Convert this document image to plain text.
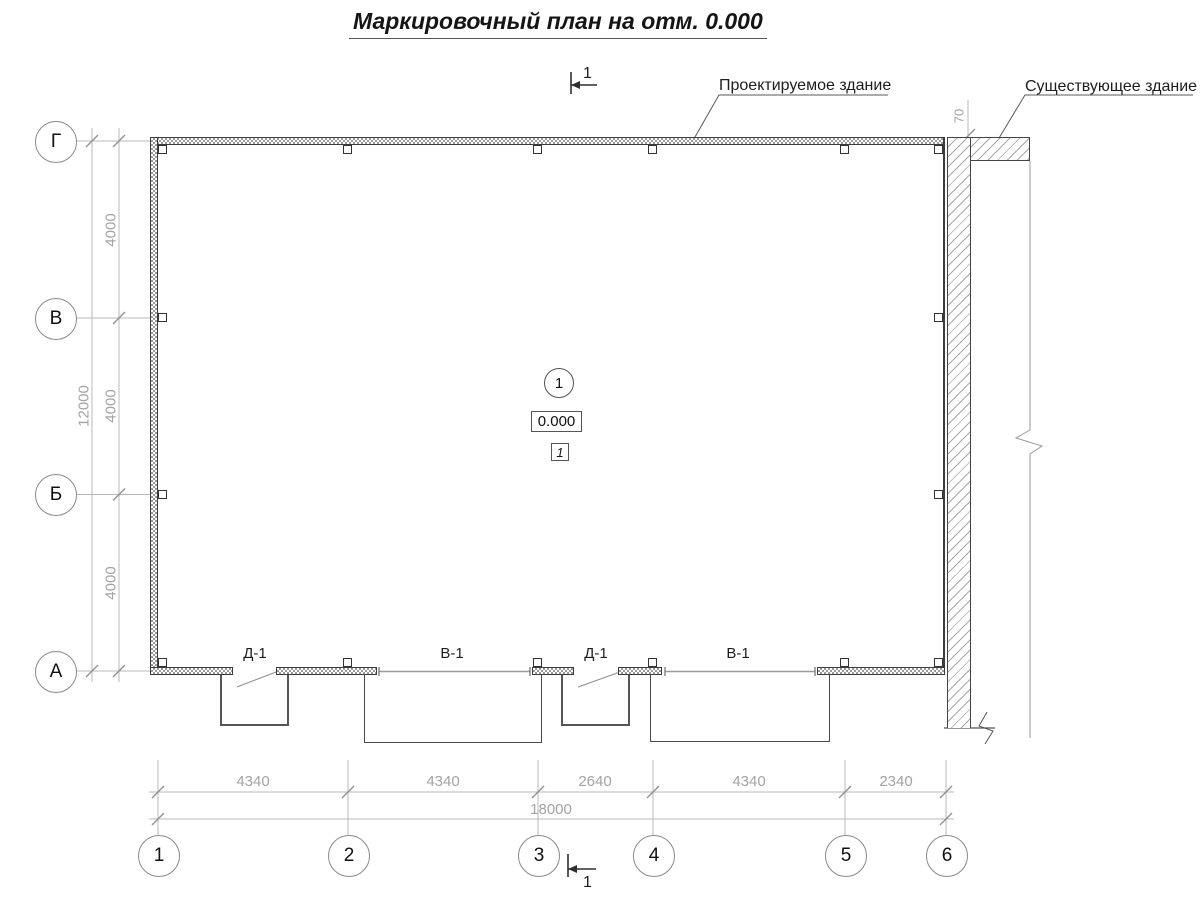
Маркировочный план на отм. 0.000
Г
В
Б
А
1	2	3	4	5	6
1
0.000
1
4340	4340	2640	4340	2340
18000
4000
4000
4000
12000
70
Д-1	Д-1
В-1	В-1
Проектируемое здание	Существующее здание
1
1
